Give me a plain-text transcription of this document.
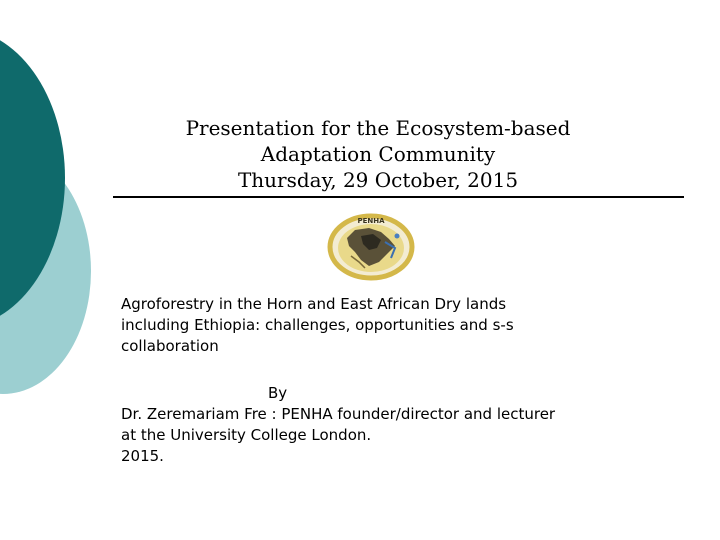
Presentation for the Ecosystem-based
Adaptation Community
Thursday, 29 October, 2015
PENHA
Agroforestry in the Horn and East African Dry lands
including Ethiopia: challenges, opportunities and s-s
collaboration
By
Dr. Zeremariam Fre : PENHA founder/director and lecturer
at the University College London.
2015.
